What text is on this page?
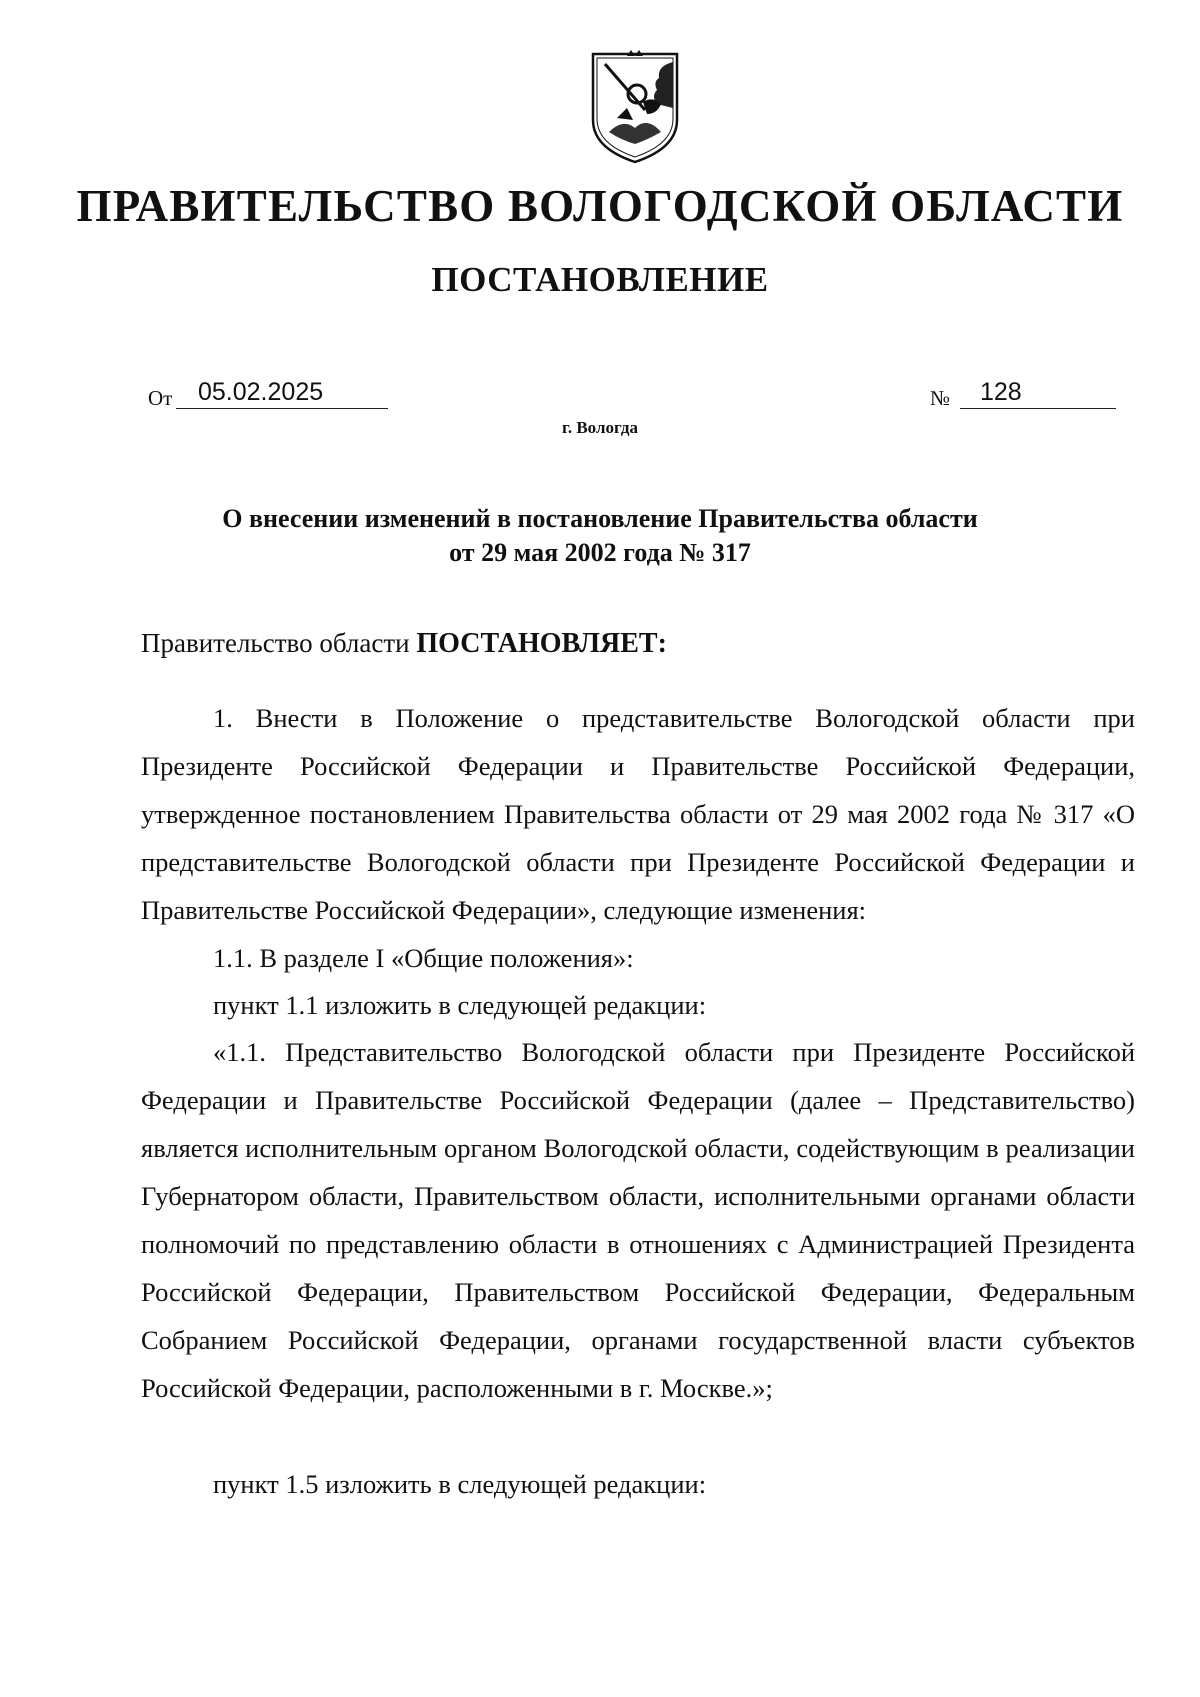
ПРАВИТЕЛЬСТВО ВОЛОГОДСКОЙ ОБЛАСТИ
ПОСТАНОВЛЕНИЕ
От 05.02.2025	№ 128
г. Вологда
О внесении изменений в постановление Правительства области
от 29 мая 2002 года № 317
Правительство области ПОСТАНОВЛЯЕТ:
1. Внести в Положение о представительстве Вологодской области при Президенте Российской Федерации и Правительстве Российской Федерации, утвержденное постановлением Правительства области от 29 мая 2002 года № 317 «О представительстве Вологодской области при Президенте Российской Федерации и Правительстве Российской Федерации», следующие изменения:
1.1. В разделе I «Общие положения»:
пункт 1.1 изложить в следующей редакции:
«1.1. Представительство Вологодской области при Президенте Российской Федерации и Правительстве Российской Федерации (далее – Представительство) является исполнительным органом Вологодской области, содействующим в реализации Губернатором области, Правительством области, исполнительными органами области полномочий по представлению области в отношениях с Администрацией Президента Российской Федерации, Правительством Российской Федерации, Федеральным Собранием Российской Федерации, органами государственной власти субъектов Российской Федерации, расположенными в г. Москве.»;
пункт 1.5 изложить в следующей редакции:
